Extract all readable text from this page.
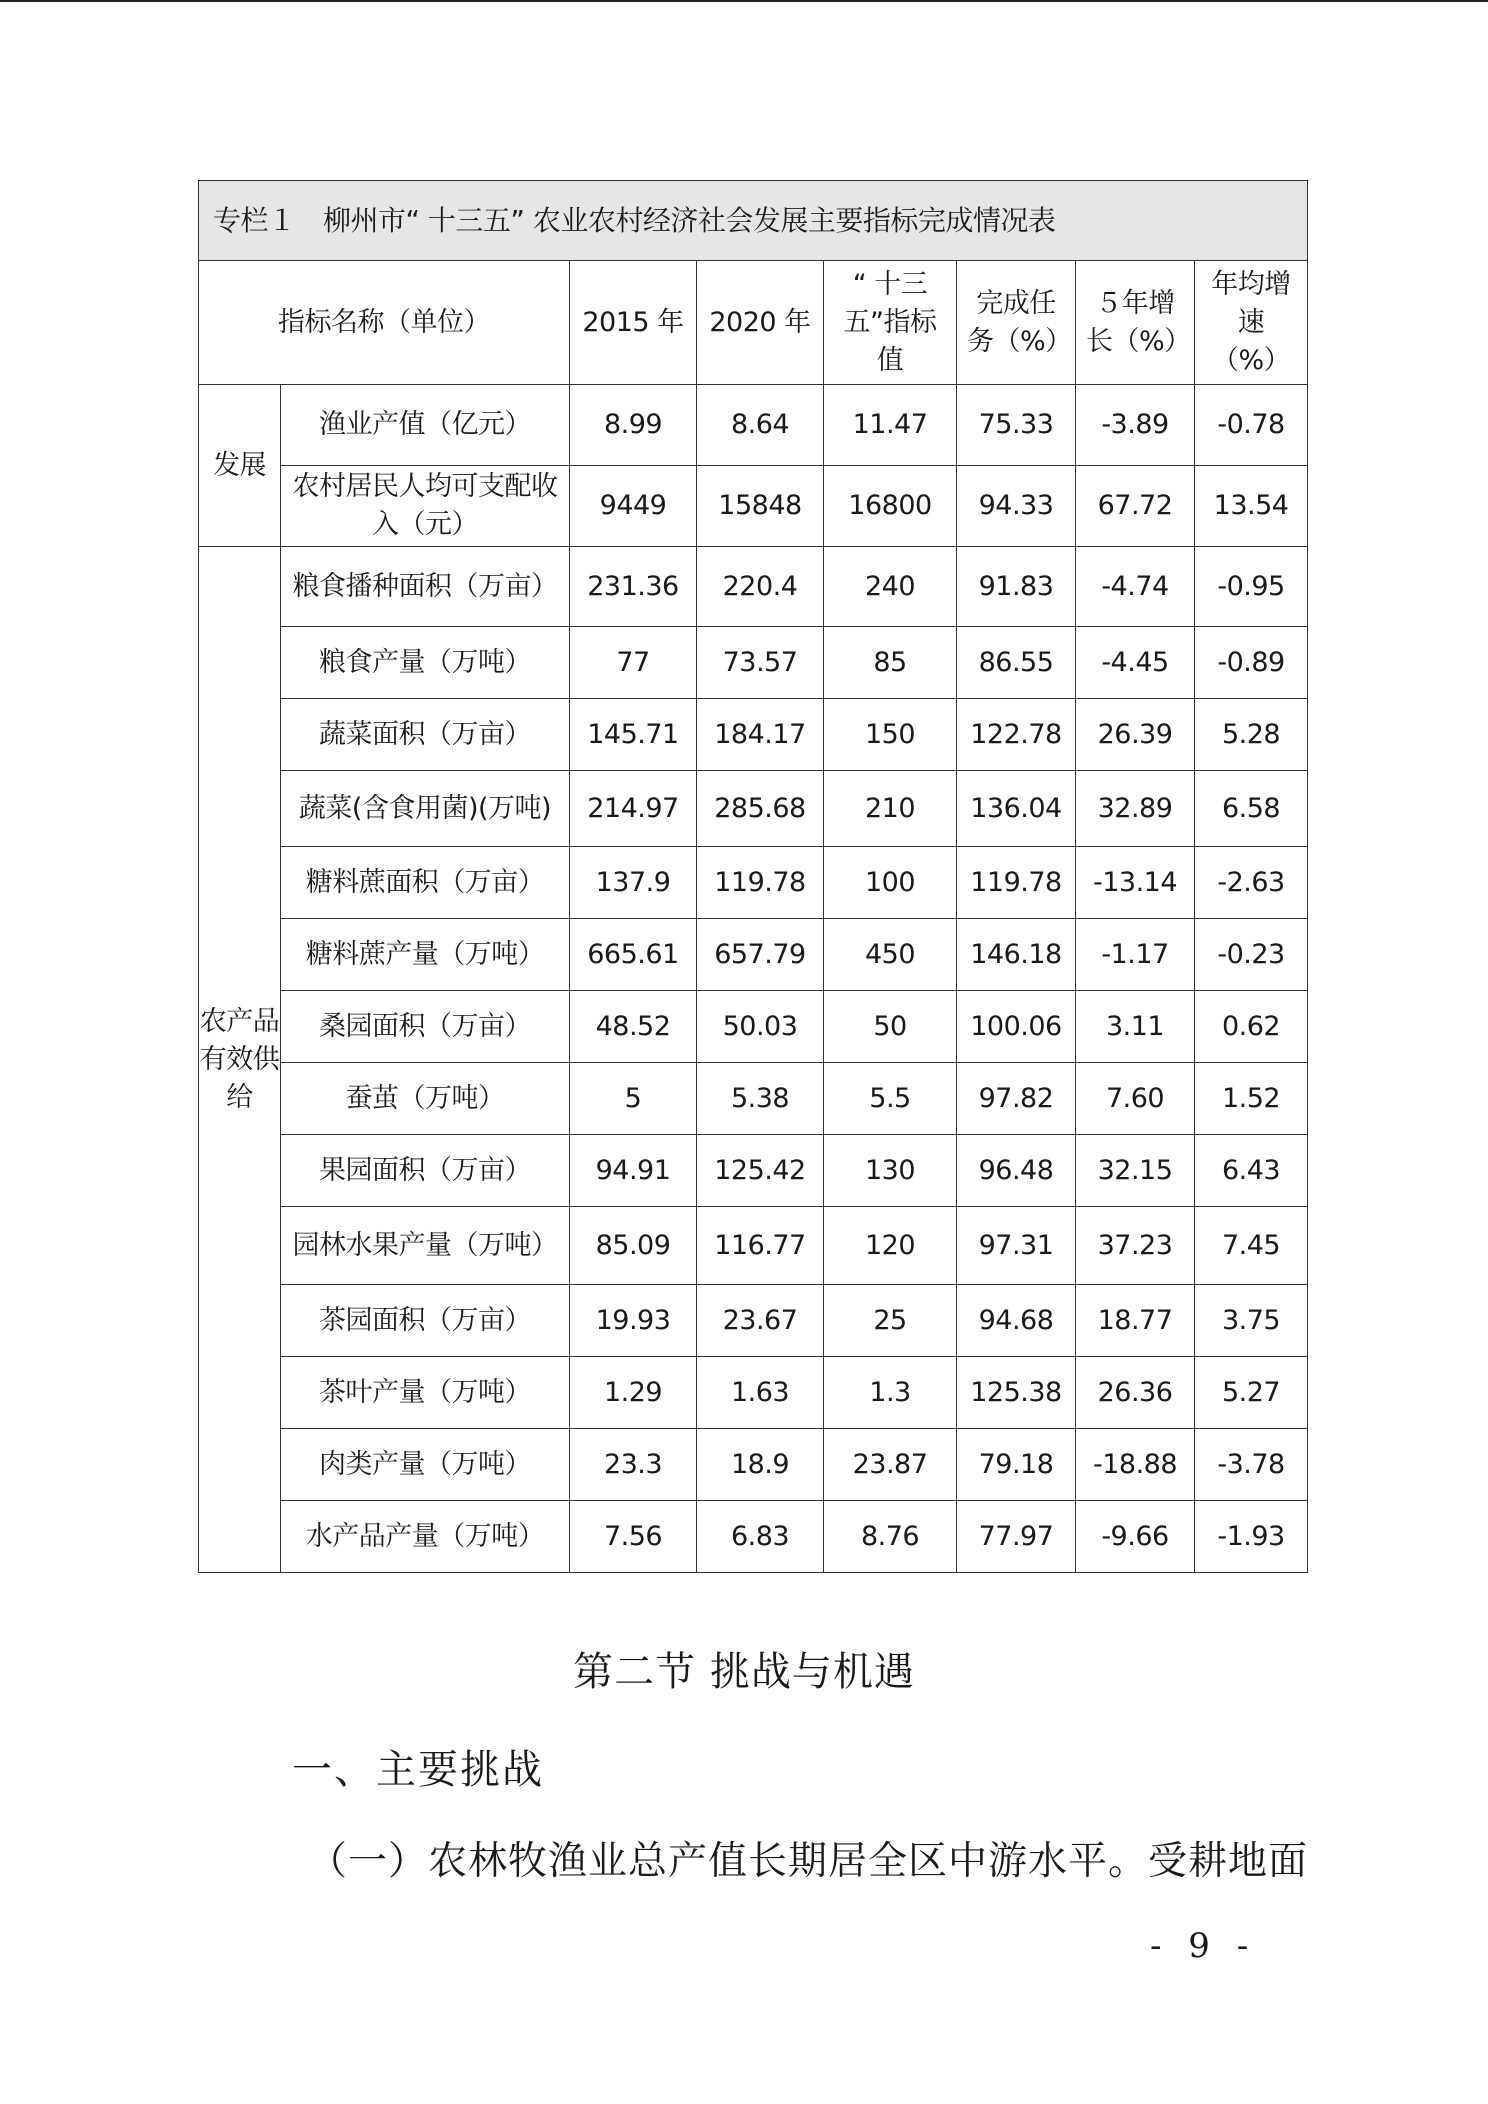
专栏１　柳州市“ 十三五” 农业农村经济社会发展主要指标完成情况表							
指标名称（单位）		2015 年	2020 年	“ 十三五”指标值	完成任务（%）	５年增长（%）	年均增速（%）
发展	渔业产值（亿元）	8.99	8.64	11.47	75.33	-3.89	-0.78
	农村居民人均可支配收入（元）	9449	15848	16800	94.33	67.72	13.54
农产品有效供给	粮食播种面积（万亩）	231.36	220.4	240	91.83	-4.74	-0.95
	粮食产量（万吨）	77	73.57	85	86.55	-4.45	-0.89
	蔬菜面积（万亩）	145.71	184.17	150	122.78	26.39	5.28
	蔬菜(含食用菌)(万吨)	214.97	285.68	210	136.04	32.89	6.58
	糖料蔗面积（万亩）	137.9	119.78	100	119.78	-13.14	-2.63
	糖料蔗产量（万吨）	665.61	657.79	450	146.18	-1.17	-0.23
	桑园面积（万亩）	48.52	50.03	50	100.06	3.11	0.62
	蚕茧（万吨）	5	5.38	5.5	97.82	7.60	1.52
	果园面积（万亩）	94.91	125.42	130	96.48	32.15	6.43
	园林水果产量（万吨）	85.09	116.77	120	97.31	37.23	7.45
	茶园面积（万亩）	19.93	23.67	25	94.68	18.77	3.75
	茶叶产量（万吨）	1.29	1.63	1.3	125.38	26.36	5.27
	肉类产量（万吨）	23.3	18.9	23.87	79.18	-18.88	-3.78
	水产品产量（万吨）	7.56	6.83	8.76	77.97	-9.66	-1.93
第二节 挑战与机遇
一、主要挑战
（一）农林牧渔业总产值长期居全区中游水平。受耕地面
- 9 -
